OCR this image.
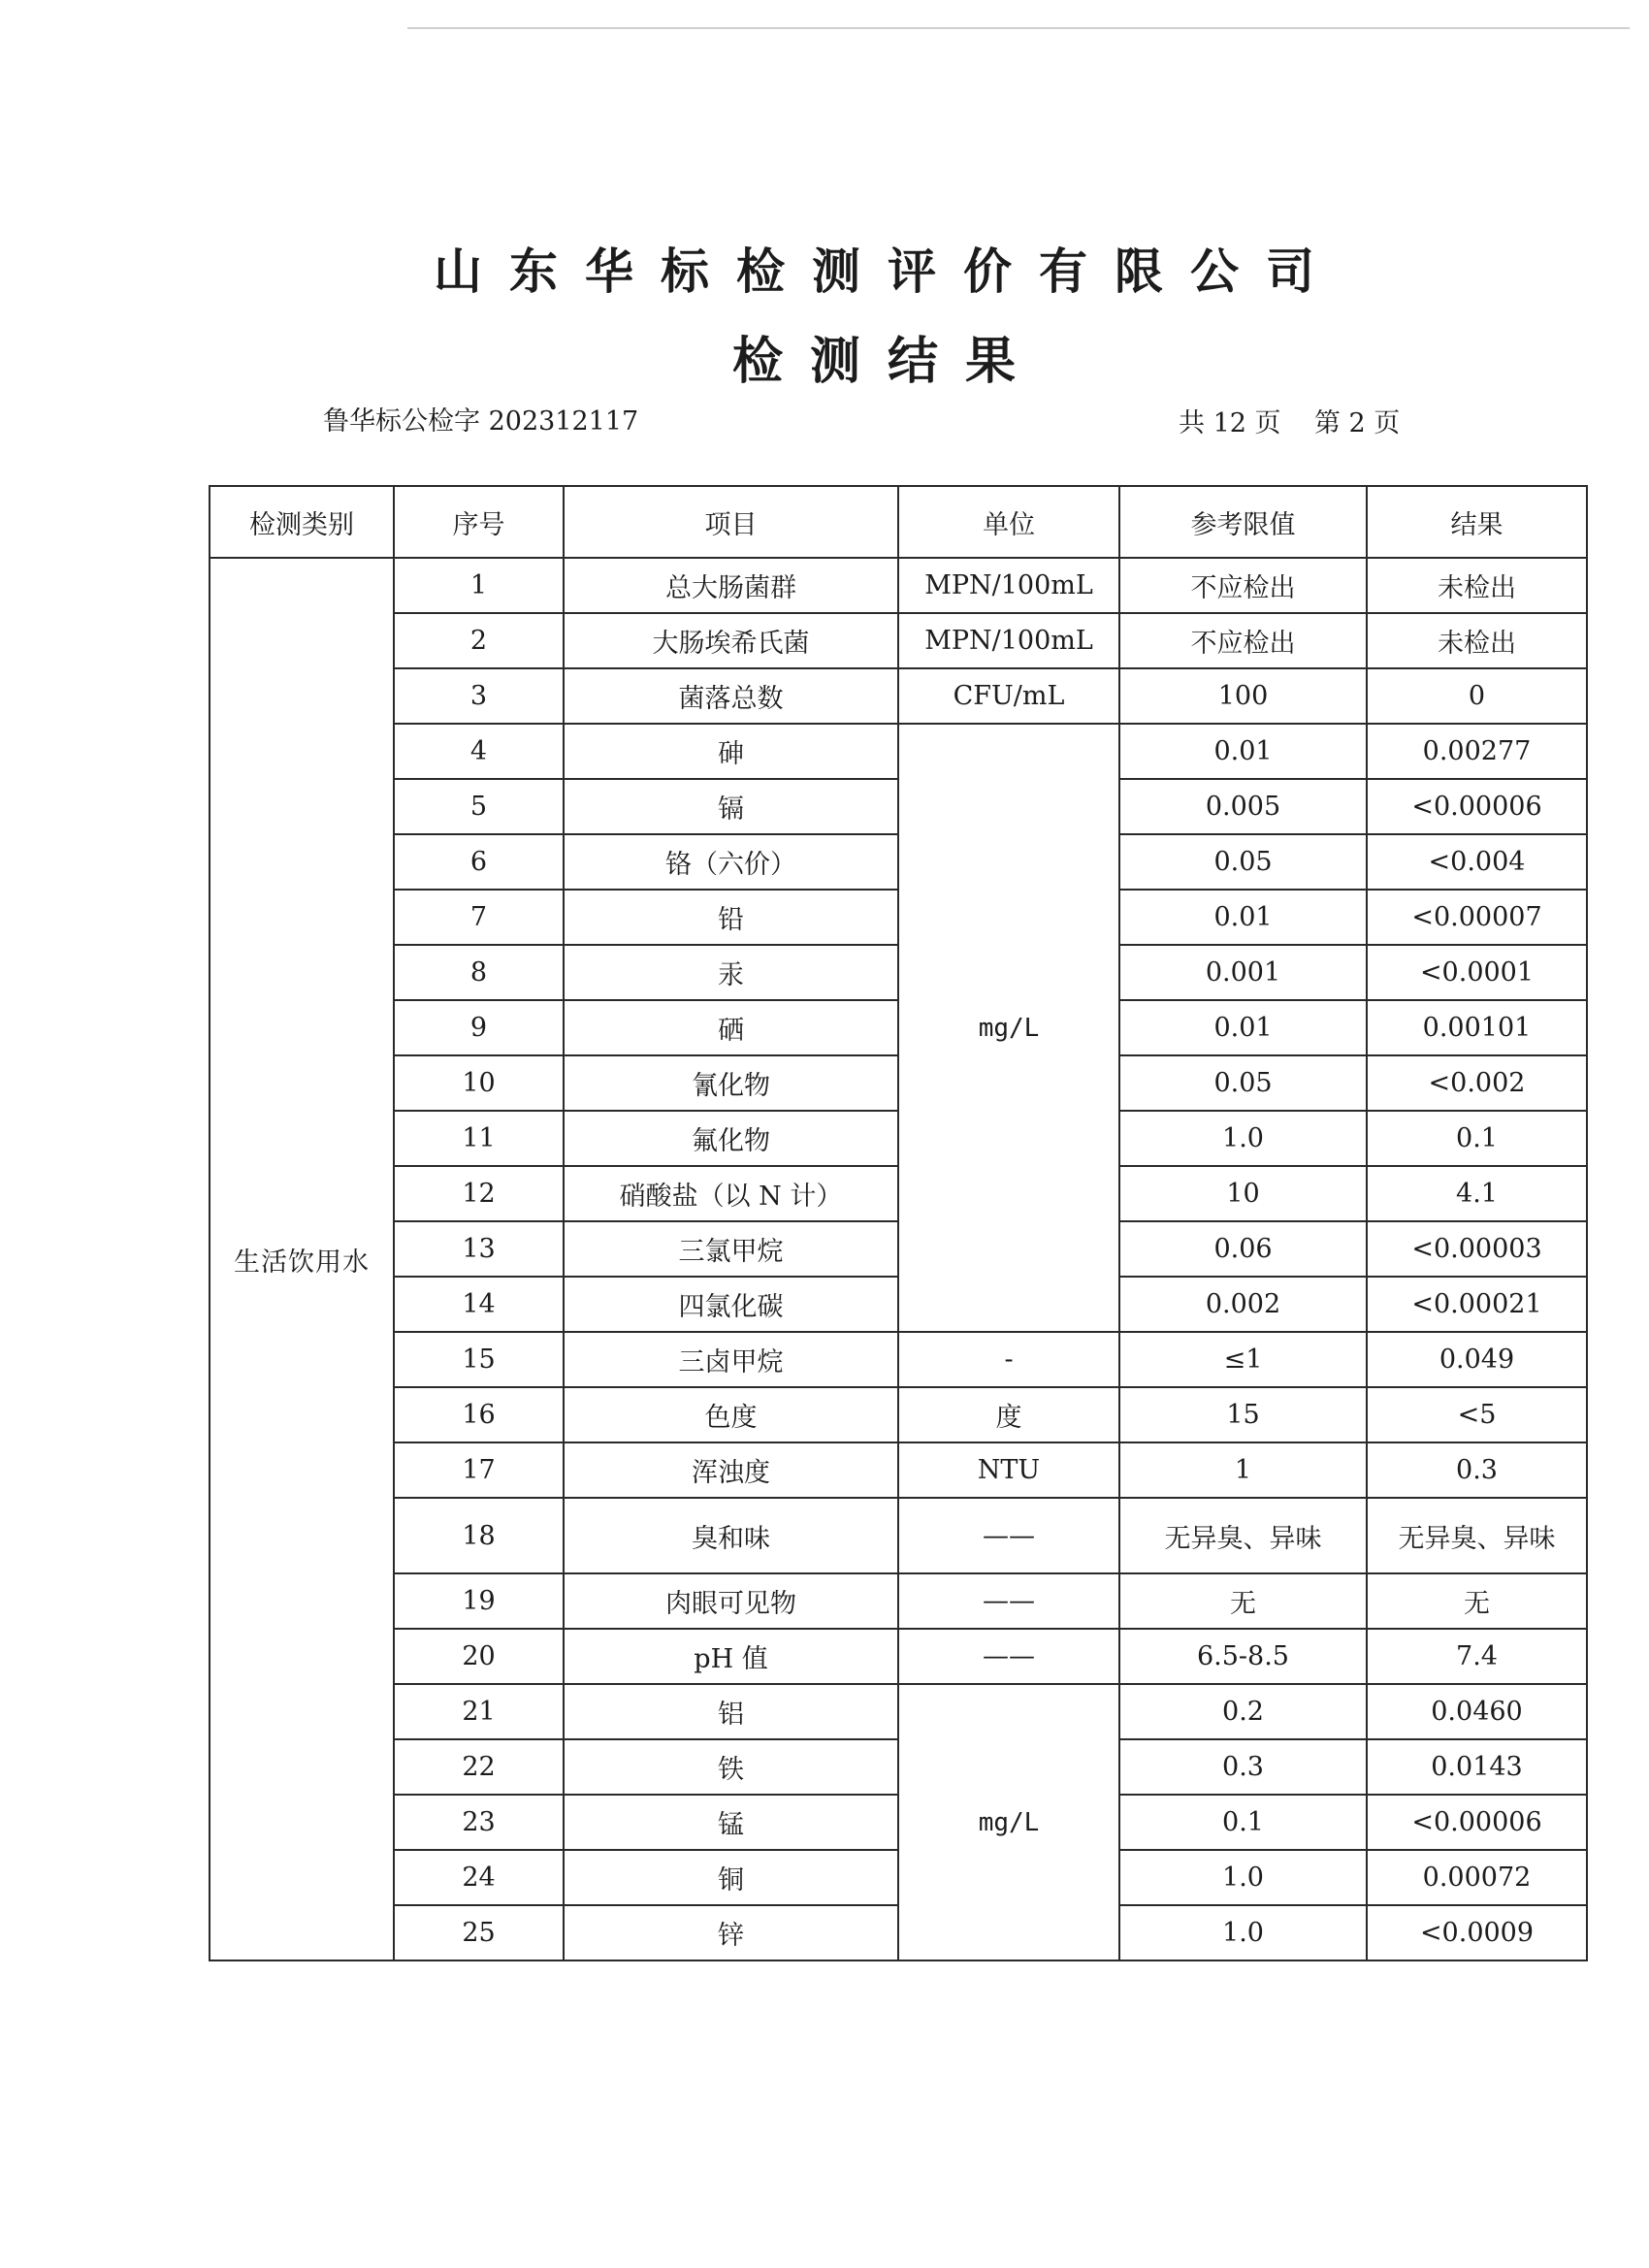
山东华标检测评价有限公司
检测结果
鲁华标公检字 202312117	共 12 页 第 2 页
检测类别	序号	项目	单位	参考限值	结果
生活饮用水	1	总大肠菌群	MPN/100mL	不应检出	未检出
	2	大肠埃希氏菌	MPN/100mL	不应检出	未检出
	3	菌落总数	CFU/mL	100	0
	4	砷	mg/L	0.01	0.00277
	5	镉		0.005	<0.00006
	6	铬（六价）		0.05	<0.004
	7	铅		0.01	<0.00007
	8	汞		0.001	<0.0001
	9	硒		0.01	0.00101
	10	氰化物		0.05	<0.002
	11	氟化物		1.0	0.1
	12	硝酸盐（以 N 计）		10	4.1
	13	三氯甲烷		0.06	<0.00003
	14	四氯化碳		0.002	<0.00021
	15	三卤甲烷	-	≤1	0.049
	16	色度	度	15	<5
	17	浑浊度	NTU	1	0.3
	18	臭和味	——	无异臭、异味	无异臭、异味
	19	肉眼可见物	——	无	无
	20	pH 值	——	6.5-8.5	7.4
	21	铝	mg/L	0.2	0.0460
	22	铁		0.3	0.0143
	23	锰		0.1	<0.00006
	24	铜		1.0	0.00072
	25	锌		1.0	<0.0009
